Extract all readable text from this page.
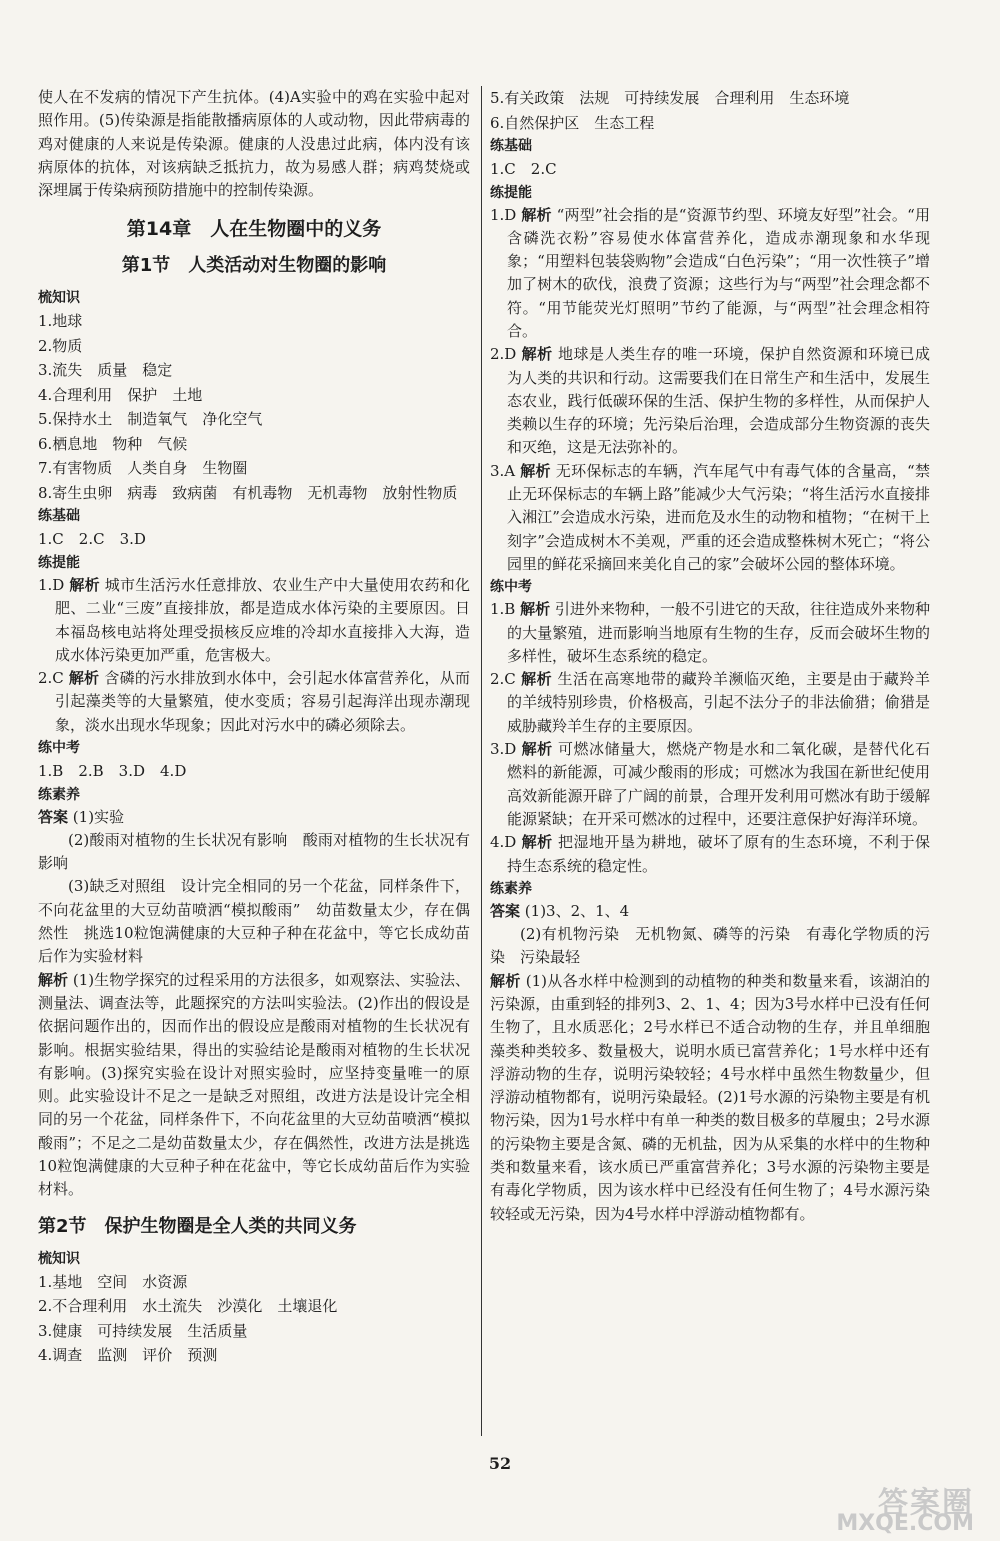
使人在不发病的情况下产生抗体。(4)A实验中的鸡在实验中起对照作用。(5)传染源是指能散播病原体的人或动物，因此带病毒的鸡对健康的人来说是传染源。健康的人没患过此病，体内没有该病原体的抗体，对该病缺乏抵抗力，故为易感人群；病鸡焚烧或深埋属于传染病预防措施中的控制传染源。

第14章　人在生物圈中的义务
第1节　人类活动对生物圈的影响
梳知识
1.地球
2.物质
3.流失　质量　稳定
4.合理利用　保护　土地
5.保持水土　制造氧气　净化空气
6.栖息地　物种　气候
7.有害物质　人类自身　生物圈
8.寄生虫卵　病毒　致病菌　有机毒物　无机毒物　放射性物质
练基础
1.C　2.C　3.D
练提能

1.D 解析 城市生活污水任意排放、农业生产中大量使用农药和化肥、二业“三废”直接排放，都是造成水体污染的主要原因。日本福岛核电站将处理受损核反应堆的冷却水直接排入大海，造成水体污染更加严重，危害极大。

2.C 解析 含磷的污水排放到水体中，会引起水体富营养化，从而引起藻类等的大量繁殖，使水变质；容易引起海洋出现赤潮现象，淡水出现水华现象；因此对污水中的磷必须除去。

练中考
1.B　2.B　3.D　4.D
练素养

答案 (1)实验

(2)酸雨对植物的生长状况有影响　酸雨对植物的生长状况有影响

(3)缺乏对照组　设计完全相同的另一个花盆，同样条件下，不向花盆里的大豆幼苗喷洒“模拟酸雨”　幼苗数量太少，存在偶然性　挑选10粒饱满健康的大豆种子种在花盆中，等它长成幼苗后作为实验材料

解析 (1)生物学探究的过程采用的方法很多，如观察法、实验法、测量法、调查法等，此题探究的方法叫实验法。(2)作出的假设是依据问题作出的，因而作出的假设应是酸雨对植物的生长状况有影响。根据实验结果，得出的实验结论是酸雨对植物的生长状况有影响。(3)探究实验在设计对照实验时，应坚持变量唯一的原则。此实验设计不足之一是缺乏对照组，改进方法是设计完全相同的另一个花盆，同样条件下，不向花盆里的大豆幼苗喷洒“模拟酸雨”；不足之二是幼苗数量太少，存在偶然性，改进方法是挑选10粒饱满健康的大豆种子种在花盆中，等它长成幼苗后作为实验材料。

第2节　保护生物圈是全人类的共同义务
梳知识
1.基地　空间　水资源
2.不合理利用　水土流失　沙漠化　土壤退化
3.健康　可持续发展　生活质量
4.调查　监测　评价　预测
5.有关政策　法规　可持续发展　合理利用　生态环境
6.自然保护区　生态工程
练基础
1.C　2.C
练提能

1.D 解析 “两型”社会指的是“资源节约型、环境友好型”社会。“用含磷洗衣粉”容易使水体富营养化，造成赤潮现象和水华现象；“用塑料包装袋购物”会造成“白色污染”；“用一次性筷子”增加了树木的砍伐，浪费了资源；这些行为与“两型”社会理念都不符。“用节能荧光灯照明”节约了能源，与“两型”社会理念相符合。

2.D 解析 地球是人类生存的唯一环境，保护自然资源和环境已成为人类的共识和行动。这需要我们在日常生产和生活中，发展生态农业，践行低碳环保的生活、保护生物的多样性，从而保护人类赖以生存的环境；先污染后治理，会造成部分生物资源的丧失和灭绝，这是无法弥补的。

3.A 解析 无环保标志的车辆，汽车尾气中有毒气体的含量高，“禁止无环保标志的车辆上路”能减少大气污染；“将生活污水直接排入湘江”会造成水污染，进而危及水生的动物和植物；“在树干上刻字”会造成树木不美观，严重的还会造成整株树木死亡；“将公园里的鲜花采摘回来美化自己的家”会破坏公园的整体环境。

练中考

1.B 解析 引进外来物种，一般不引进它的天敌，往往造成外来物种的大量繁殖，进而影响当地原有生物的生存，反而会破坏生物的多样性，破坏生态系统的稳定。

2.C 解析 生活在高寒地带的藏羚羊濒临灭绝，主要是由于藏羚羊的羊绒特别珍贵，价格极高，引起不法分子的非法偷猎；偷猎是威胁藏羚羊生存的主要原因。

3.D 解析 可燃冰储量大，燃烧产物是水和二氧化碳，是替代化石燃料的新能源，可减少酸雨的形成；可燃冰为我国在新世纪使用高效新能源开辟了广阔的前景，合理开发利用可燃冰有助于缓解能源紧缺；在开采可燃冰的过程中，还要注意保护好海洋环境。

4.D 解析 把湿地开垦为耕地，破坏了原有的生态环境，不利于保持生态系统的稳定性。

练素养

答案 (1)3、2、1、4

(2)有机物污染　无机物氮、磷等的污染　有毒化学物质的污染　污染最轻

解析 (1)从各水样中检测到的动植物的种类和数量来看，该湖泊的污染源，由重到轻的排列3、2、1、4；因为3号水样中已没有任何生物了，且水质恶化；2号水样已不适合动物的生存，并且单细胞藻类种类较多、数量极大，说明水质已富营养化；1号水样中还有浮游动物的生存，说明污染较轻；4号水样中虽然生物数量少，但浮游动植物都有，说明污染最轻。(2)1号水源的污染物主要是有机物污染，因为1号水样中有单一种类的数目极多的草履虫；2号水源的污染物主要是含氮、磷的无机盐，因为从采集的水样中的生物种类和数量来看，该水质已严重富营养化；3号水源的污染物主要是有毒化学物质，因为该水样中已经没有任何生物了；4号水源污染较轻或无污染，因为4号水样中浮游动植物都有。

52
答案圈
MXQE.COM
